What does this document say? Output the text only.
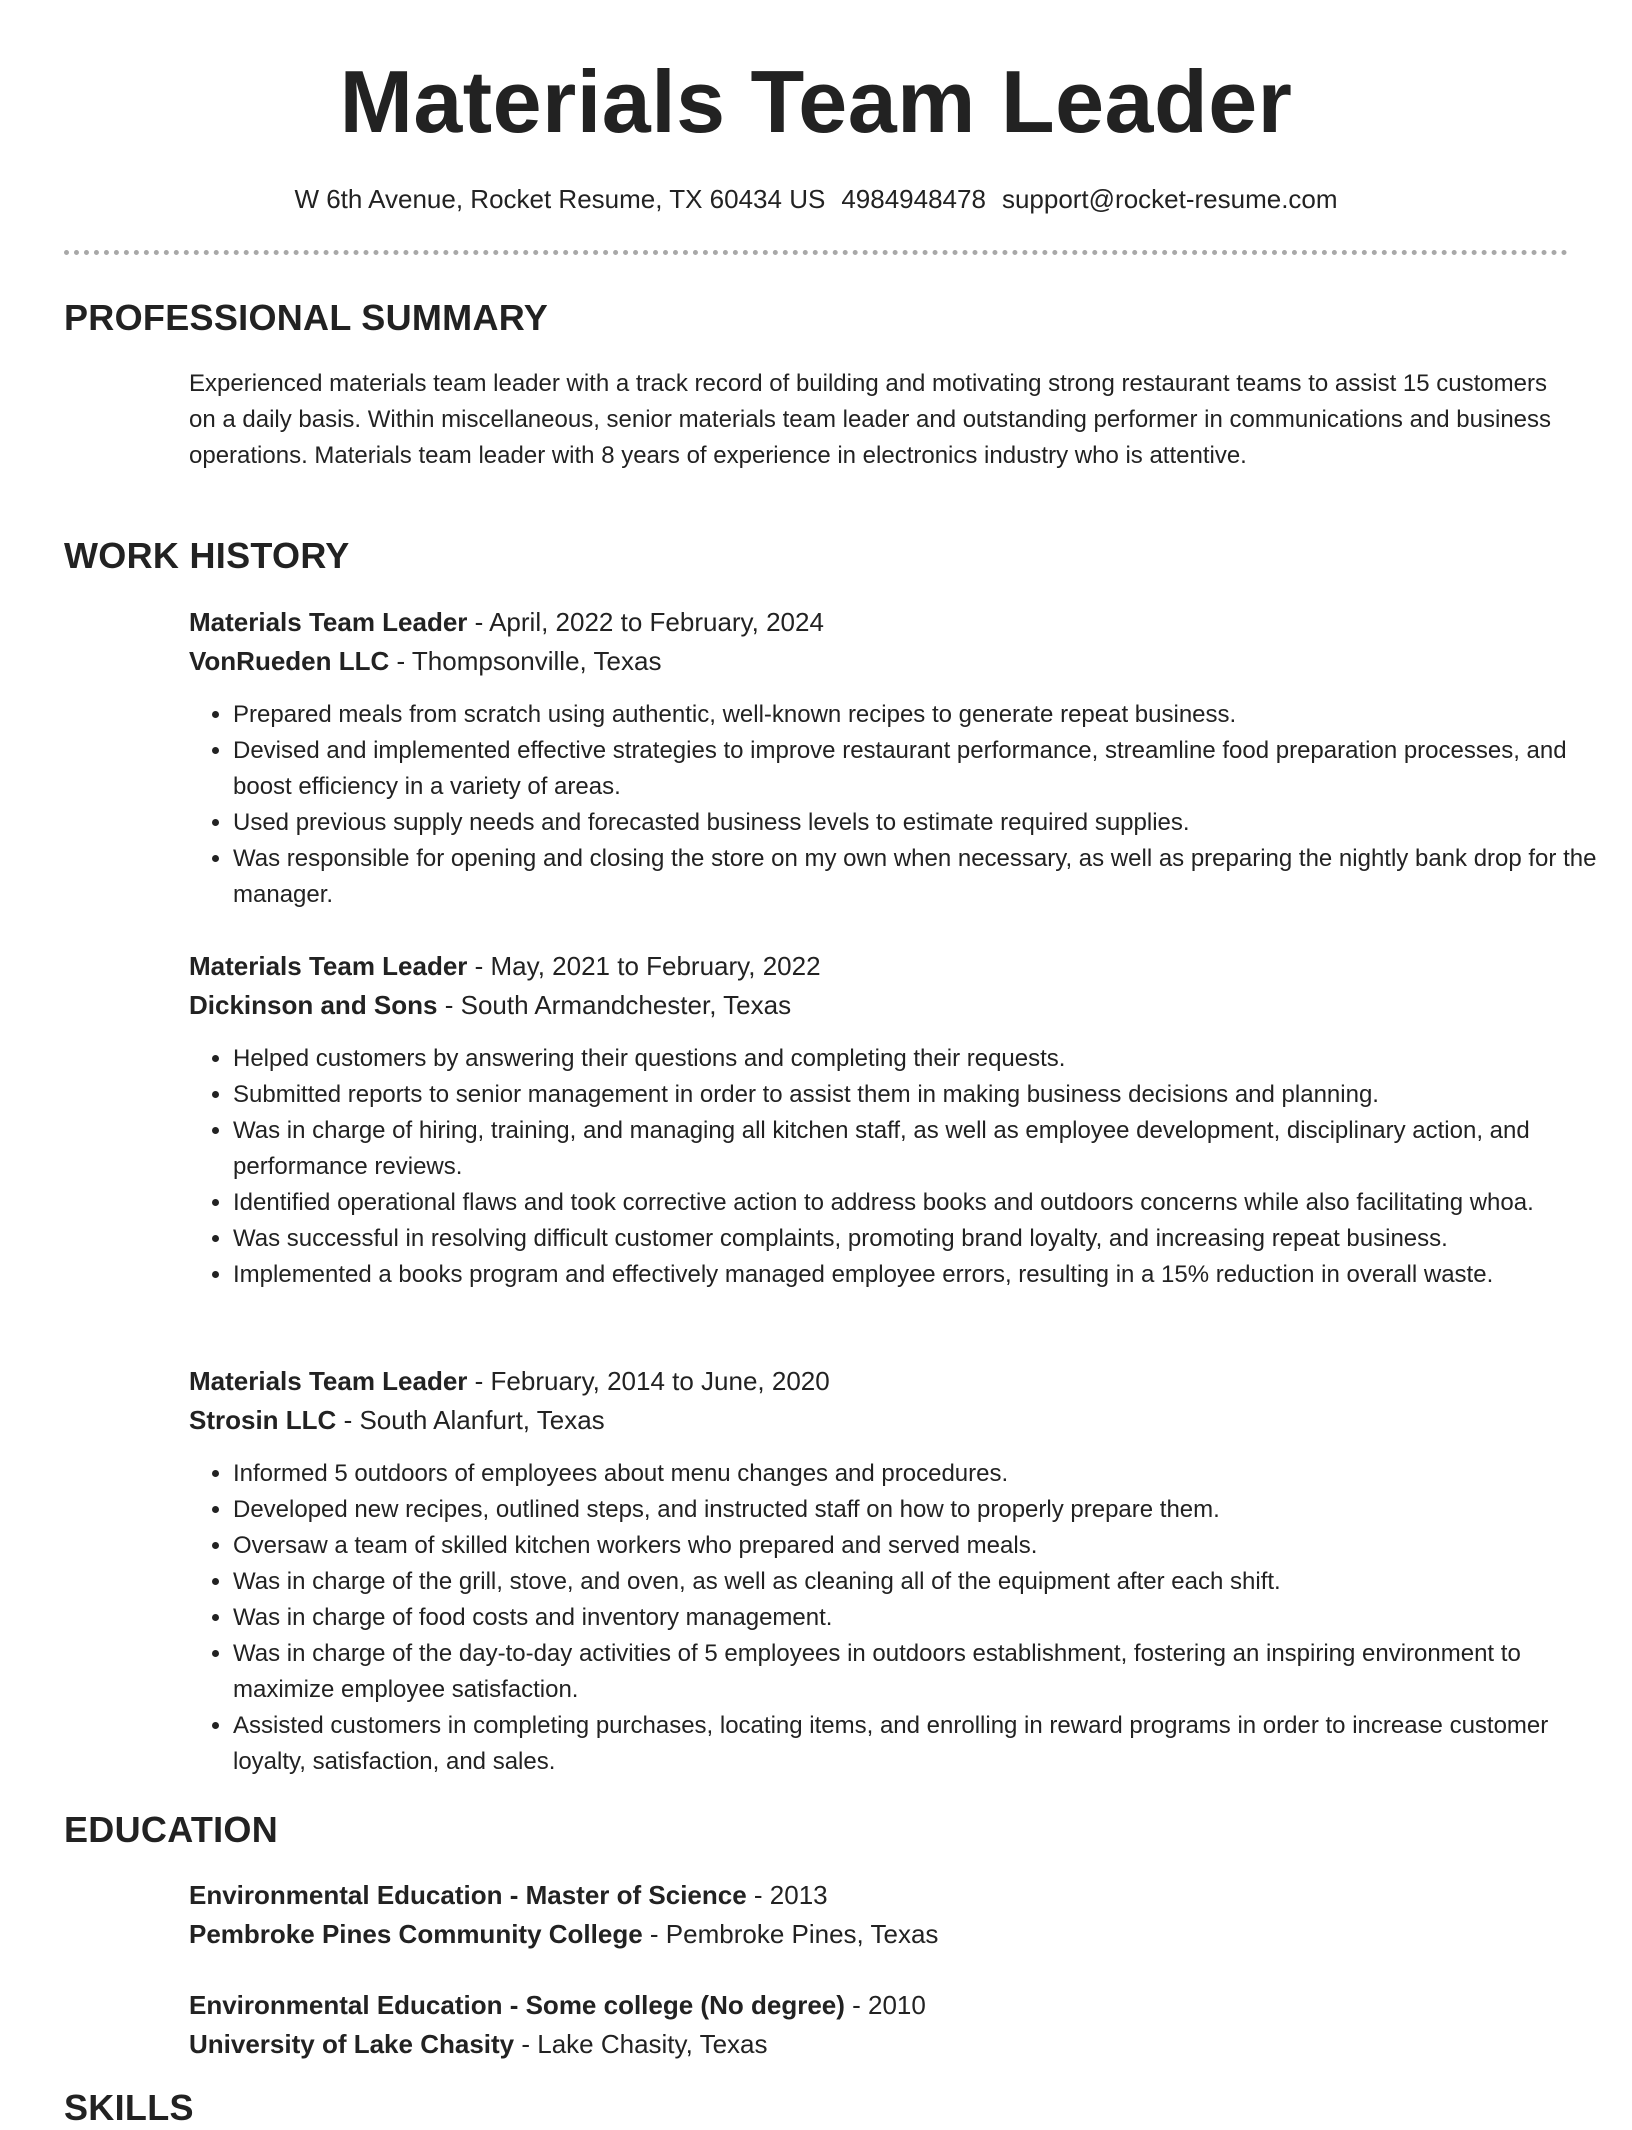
Materials Team Leader
W 6th Avenue, Rocket Resume, TX 60434 US 4984948478 support@rocket-resume.com
PROFESSIONAL SUMMARY
Experienced materials team leader with a track record of building and motivating strong restaurant teams to assist 15 customers on a daily basis. Within miscellaneous, senior materials team leader and outstanding performer in communications and business operations. Materials team leader with 8 years of experience in electronics industry who is attentive.
WORK HISTORY
Materials Team Leader - April, 2022 to February, 2024
VonRueden LLC - Thompsonville, Texas
• Prepared meals from scratch using authentic, well-known recipes to generate repeat business.
• Devised and implemented effective strategies to improve restaurant performance, streamline food preparation processes, and boost efficiency in a variety of areas.
• Used previous supply needs and forecasted business levels to estimate required supplies.
• Was responsible for opening and closing the store on my own when necessary, as well as preparing the nightly bank drop for the manager.
Materials Team Leader - May, 2021 to February, 2022
Dickinson and Sons - South Armandchester, Texas
• Helped customers by answering their questions and completing their requests.
• Submitted reports to senior management in order to assist them in making business decisions and planning.
• Was in charge of hiring, training, and managing all kitchen staff, as well as employee development, disciplinary action, and performance reviews.
• Identified operational flaws and took corrective action to address books and outdoors concerns while also facilitating whoa.
• Was successful in resolving difficult customer complaints, promoting brand loyalty, and increasing repeat business.
• Implemented a books program and effectively managed employee errors, resulting in a 15% reduction in overall waste.
Materials Team Leader - February, 2014 to June, 2020
Strosin LLC - South Alanfurt, Texas
• Informed 5 outdoors of employees about menu changes and procedures.
• Developed new recipes, outlined steps, and instructed staff on how to properly prepare them.
• Oversaw a team of skilled kitchen workers who prepared and served meals.
• Was in charge of the grill, stove, and oven, as well as cleaning all of the equipment after each shift.
• Was in charge of food costs and inventory management.
• Was in charge of the day-to-day activities of 5 employees in outdoors establishment, fostering an inspiring environment to maximize employee satisfaction.
• Assisted customers in completing purchases, locating items, and enrolling in reward programs in order to increase customer loyalty, satisfaction, and sales.
EDUCATION
Environmental Education - Master of Science - 2013
Pembroke Pines Community College - Pembroke Pines, Texas
Environmental Education - Some college (No degree) - 2010
University of Lake Chasity - Lake Chasity, Texas
SKILLS
